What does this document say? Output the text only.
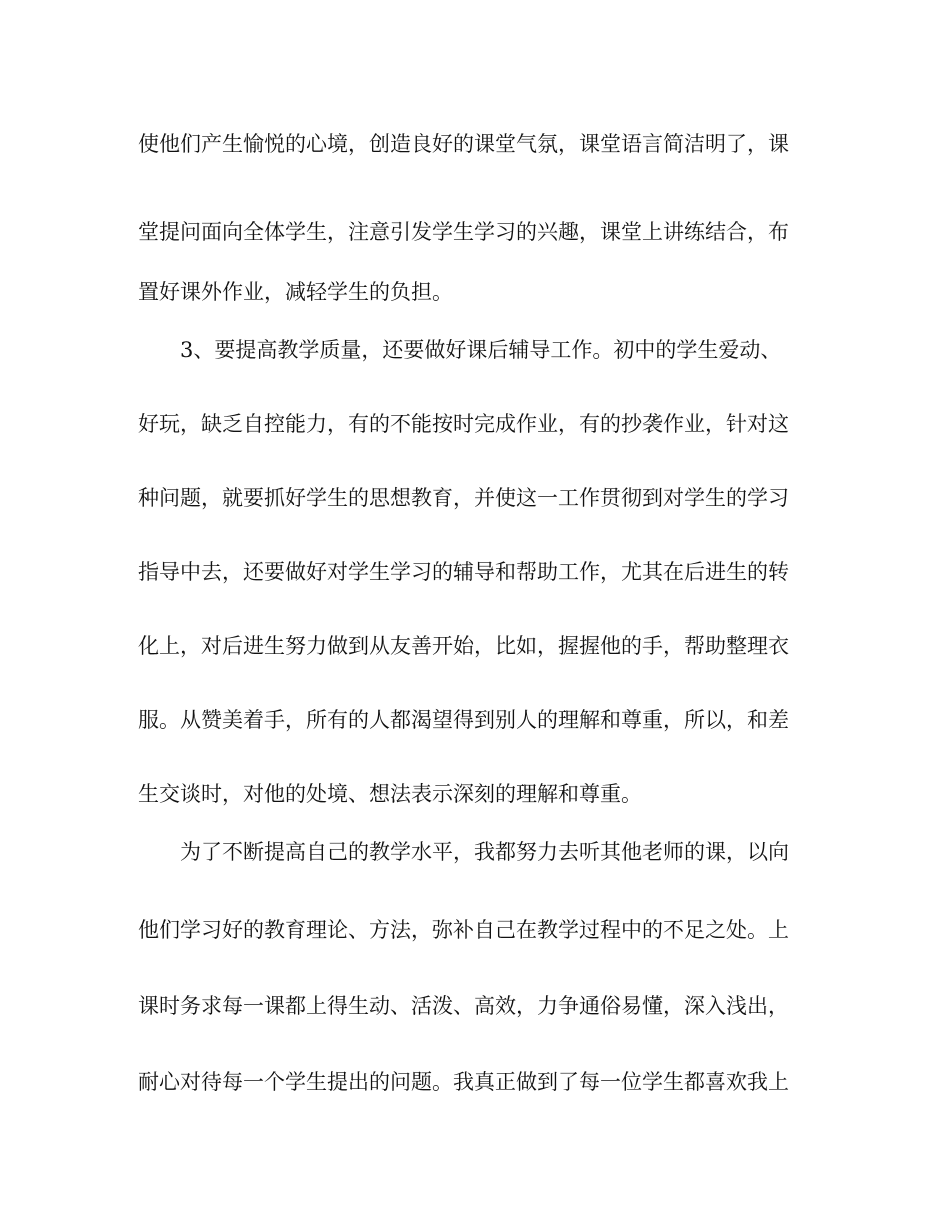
使他们产生愉悦的心境，创造良好的课堂气氛，课堂语言简洁明了，课
堂提问面向全体学生，注意引发学生学习的兴趣，课堂上讲练结合，布
置好课外作业，减轻学生的负担。
3、要提高教学质量，还要做好课后辅导工作。初中的学生爱动、
好玩，缺乏自控能力，有的不能按时完成作业，有的抄袭作业，针对这
种问题，就要抓好学生的思想教育，并使这一工作贯彻到对学生的学习
指导中去，还要做好对学生学习的辅导和帮助工作，尤其在后进生的转
化上，对后进生努力做到从友善开始，比如，握握他的手，帮助整理衣
服。从赞美着手，所有的人都渴望得到别人的理解和尊重，所以，和差
生交谈时，对他的处境、想法表示深刻的理解和尊重。
为了不断提高自己的教学水平，我都努力去听其他老师的课，以向
他们学习好的教育理论、方法，弥补自己在教学过程中的不足之处。上
课时务求每一课都上得生动、活泼、高效，力争通俗易懂，深入浅出，
耐心对待每一个学生提出的问题。我真正做到了每一位学生都喜欢我上
